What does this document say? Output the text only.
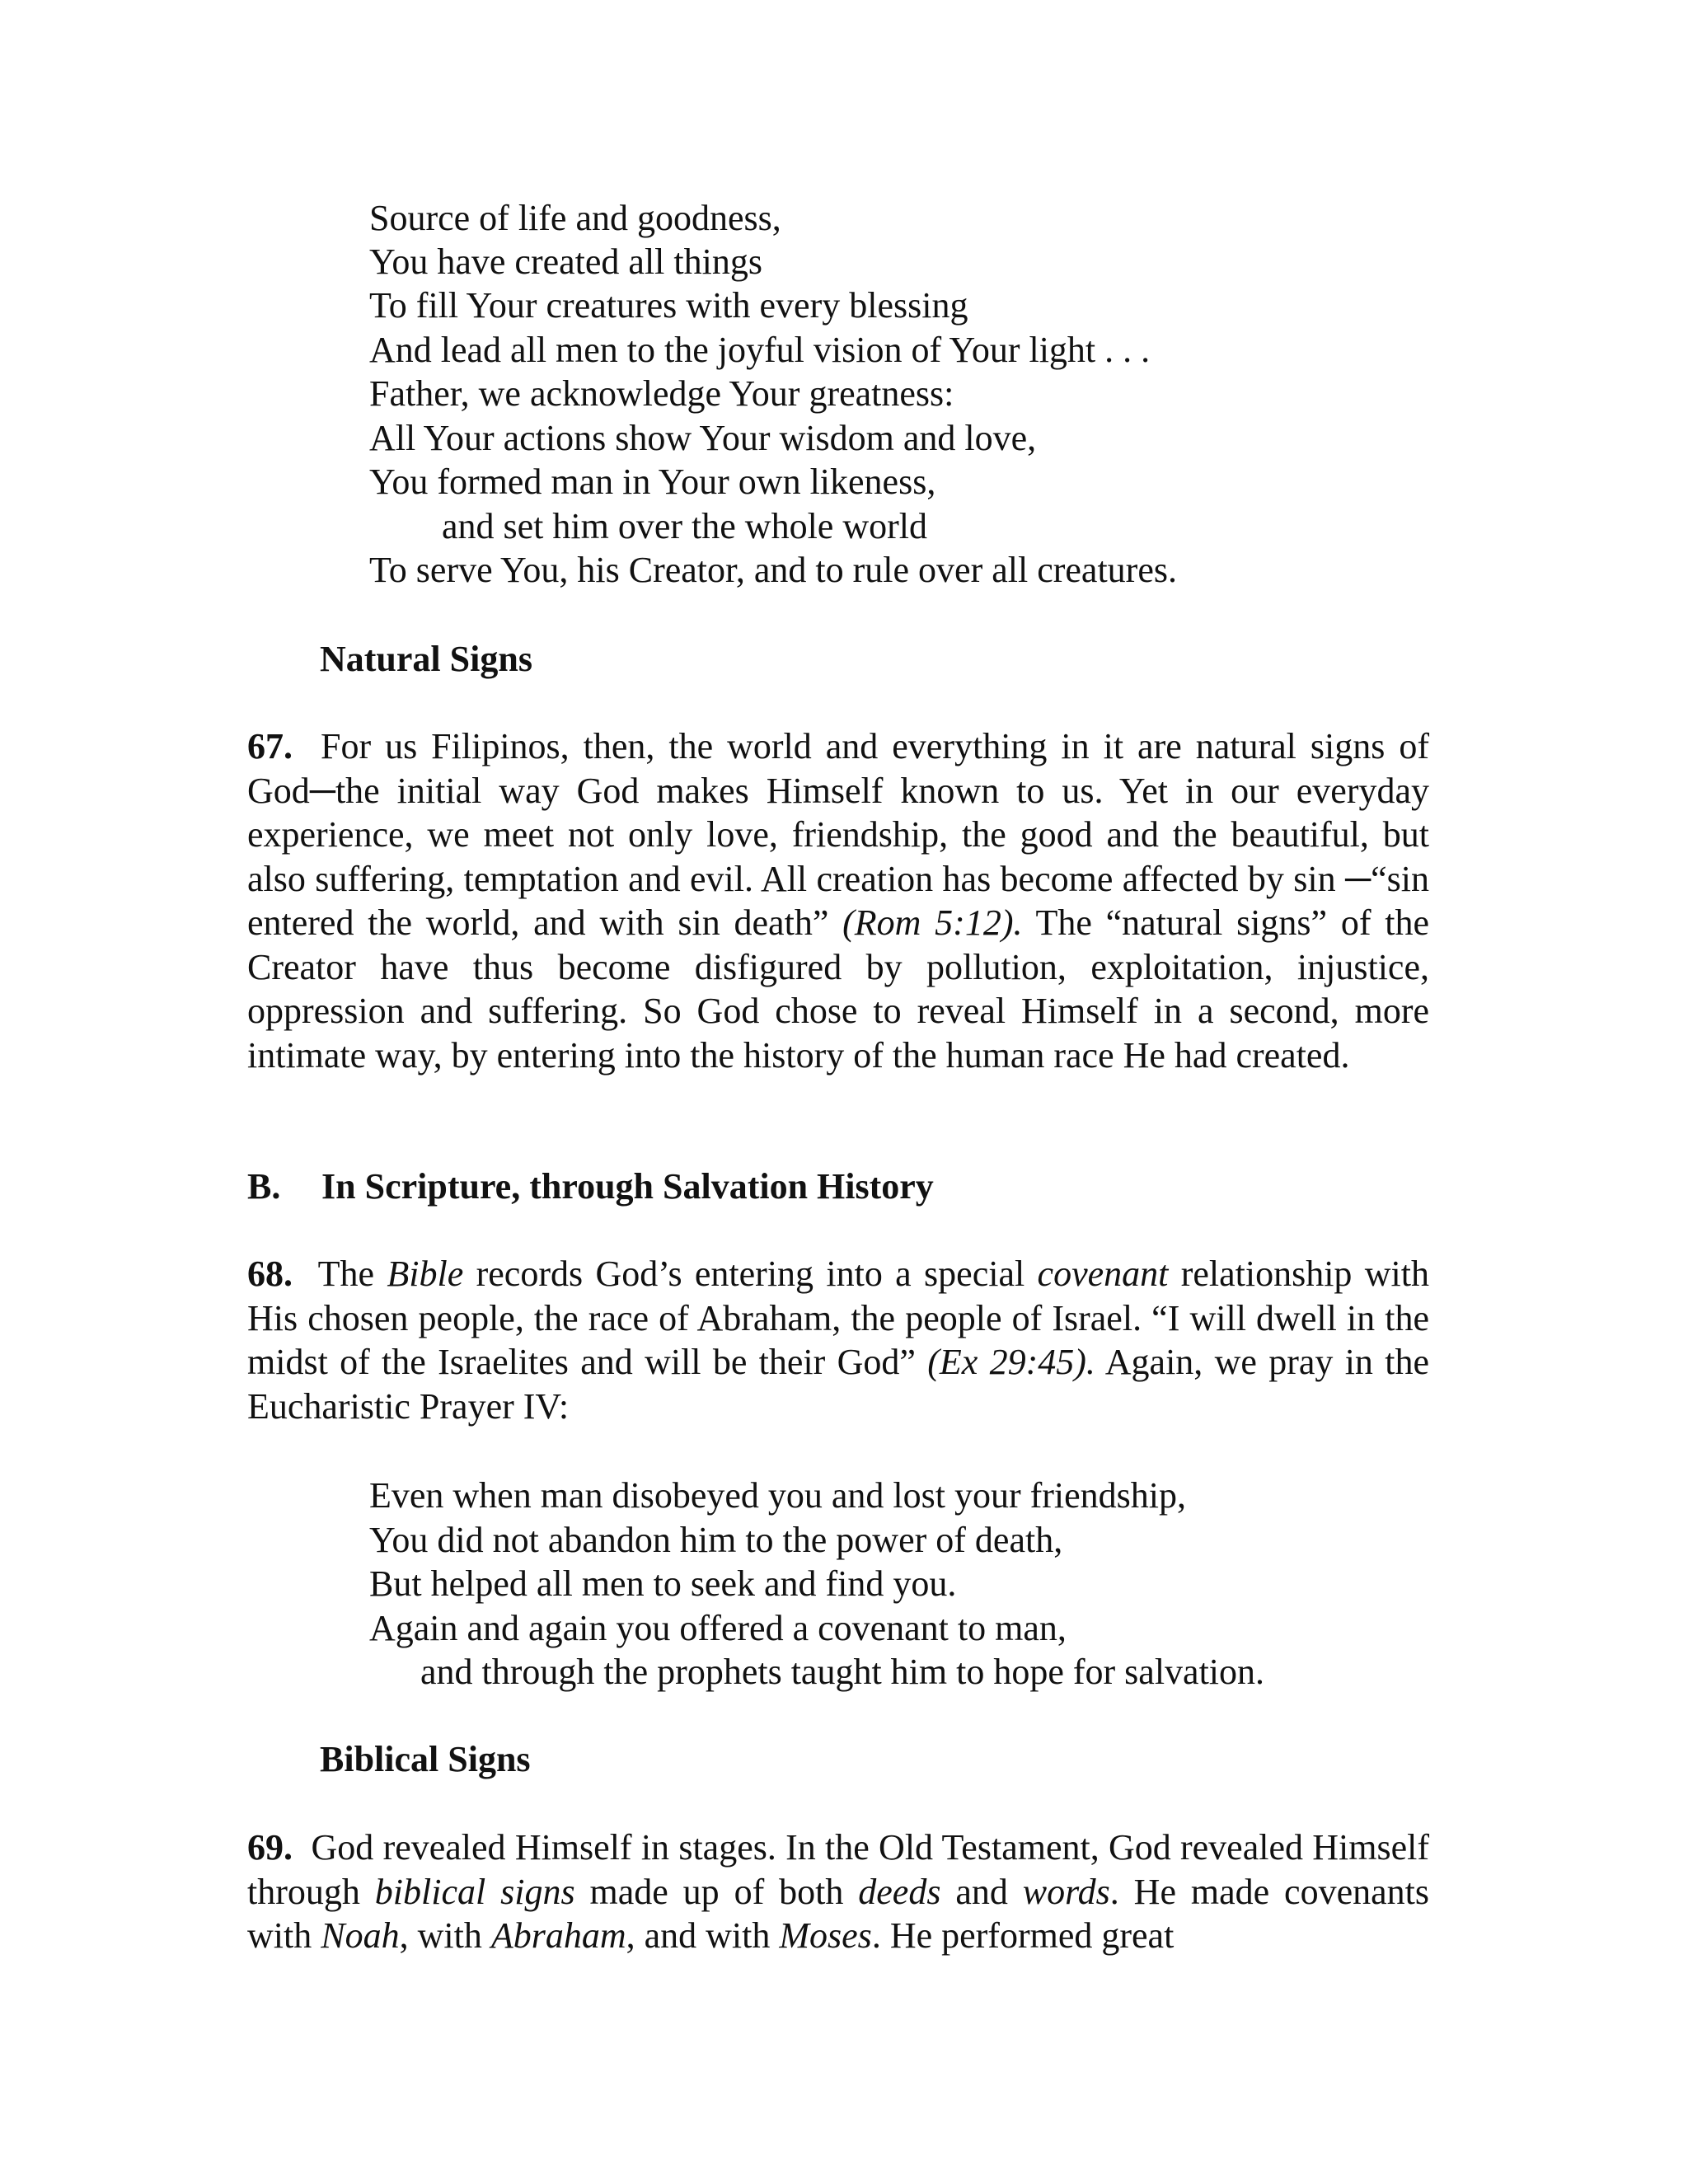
Source of life and goodness,
You have created all things
To fill Your creatures with every blessing
And lead all men to the joyful vision of Your light . . .
Father, we acknowledge Your greatness:
All Your actions show Your wisdom and love,
You formed man in Your own likeness,
and set him over the whole world
To serve You, his Creator, and to rule over all creatures.
Natural Signs
67. For us Filipinos, then, the world and everything in it are natural signs of God─the initial way God makes Himself known to us. Yet in our everyday experience, we meet not only love, friendship, the good and the beautiful, but also suffering, temptation and evil. All creation has become affected by sin ─“sin entered the world, and with sin death” (Rom 5:12). The “natural signs” of the Creator have thus become disfigured by pollution, exploitation, injustice, oppression and suffering. So God chose to reveal Himself in a second, more intimate way, by entering into the history of the human race He had created.
B. In Scripture, through Salvation History
68. The Bible records God’s entering into a special covenant relationship with His chosen people, the race of Abraham, the people of Israel. “I will dwell in the midst of the Israelites and will be their God” (Ex 29:45). Again, we pray in the Eucharistic Prayer IV:
Even when man disobeyed you and lost your friendship,
You did not abandon him to the power of death,
But helped all men to seek and find you.
Again and again you offered a covenant to man,
and through the prophets taught him to hope for salvation.
Biblical Signs
69. God revealed Himself in stages. In the Old Testament, God revealed Himself through biblical signs made up of both deeds and words. He made covenants with Noah, with Abraham, and with Moses. He performed great
